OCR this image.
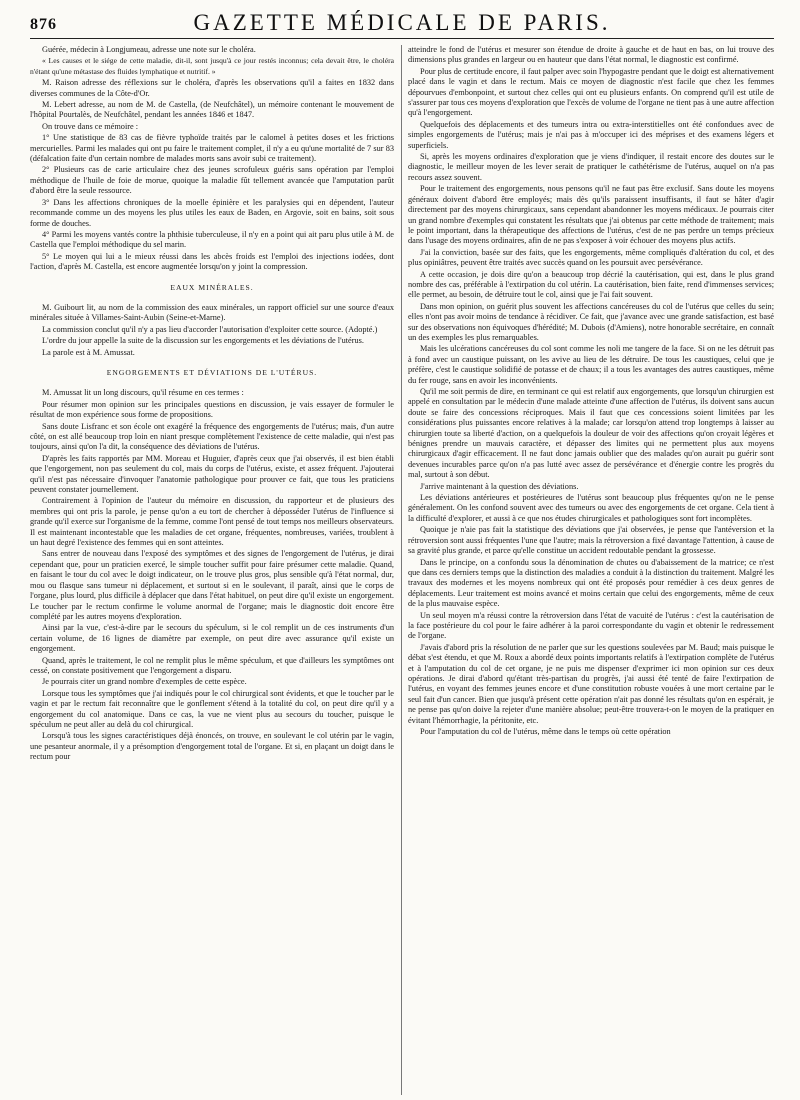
876	GAZETTE MÉDICALE DE PARIS.

Guérée, médecin à Longjumeau, adresse une note sur le choléra.

« Les causes et le siége de cette maladie, dit-il, sont jusqu'à ce jour restés inconnus; cela devait être, le choléra n'étant qu'une métastase des fluides lymphatique et nutritif. »

M. Raison adresse des réflexions sur le choléra, d'après les observations qu'il a faites en 1832 dans diverses communes de la Côte-d'Or.

M. Lebert adresse, au nom de M. de Castella, (de Neufchâtel), un mémoire contenant le mouvement de l'hôpital Pourtalès, de Neufchâtel, pendant les années 1846 et 1847.

On trouve dans ce mémoire :

1° Une statistique de 83 cas de fièvre typhoïde traités par le calomel à petites doses et les frictions mercurielles. Parmi les malades qui ont pu faire le traitement complet, il n'y a eu qu'une mortalité de 7 sur 83 (défalcation faite d'un certain nombre de malades morts sans avoir subi ce traitement).

2° Plusieurs cas de carie articulaire chez des jeunes scrofuleux guéris sans opération par l'emploi méthodique de l'huile de foie de morue, quoique la maladie fût tellement avancée que l'amputation parût d'abord être la seule ressource.

3° Dans les affections chroniques de la moelle épinière et les paralysies qui en dépendent, l'auteur recommande comme un des moyens les plus utiles les eaux de Baden, en Argovie, soit en bains, soit sous forme de douches.

4° Parmi les moyens vantés contre la phthisie tuberculeuse, il n'y en a point qui ait paru plus utile à M. de Castella que l'emploi méthodique du sel marin.

5° Le moyen qui lui a le mieux réussi dans les abcès froids est l'emploi des injections iodées, dont l'action, d'après M. Castella, est encore augmentée lorsqu'on y joint la compression.

EAUX MINÉRALES.

M. Guibourt lit, au nom de la commission des eaux minérales, un rapport officiel sur une source d'eaux minérales située à Villames-Saint-Aubin (Seine-et-Marne).

La commission conclut qu'il n'y a pas lieu d'accorder l'autorisation d'exploiter cette source. (Adopté.)

L'ordre du jour appelle la suite de la discussion sur les engorgements et les déviations de l'utérus.

La parole est à M. Amussat.

ENGORGEMENTS ET DÉVIATIONS DE L'UTÉRUS.

M. Amussat lit un long discours, qu'il résume en ces termes :

Pour résumer mon opinion sur les principales questions en discussion, je vais essayer de formuler le résultat de mon expérience sous forme de propositions.

Sans doute Lisfranc et son école ont exagéré la fréquence des engorgements de l'utérus; mais, d'un autre côté, on est allé beaucoup trop loin en niant presque complètement l'existence de cette maladie, qui n'est pas toujours, ainsi qu'on l'a dit, la conséquence des déviations de l'utérus.

D'après les faits rapportés par MM. Moreau et Huguier, d'après ceux que j'ai observés, il est bien établi que l'engorgement, non pas seulement du col, mais du corps de l'utérus, existe, et assez fréquent. J'ajouterai qu'il n'est pas nécessaire d'invoquer l'anatomie pathologique pour prouver ce fait, que tous les praticiens peuvent constater journellement.

Contrairement à l'opinion de l'auteur du mémoire en discussion, du rapporteur et de plusieurs des membres qui ont pris la parole, je pense qu'on a eu tort de chercher à déposséder l'utérus de l'influence si grande qu'il exerce sur l'organisme de la femme, comme l'ont pensé de tout temps nos meilleurs observateurs. Il est maintenant incontestable que les maladies de cet organe, fréquentes, nombreuses, variées, troublent à un haut degré l'existence des femmes qui en sont atteintes.

Sans entrer de nouveau dans l'exposé des symptômes et des signes de l'engorgement de l'utérus, je dirai cependant que, pour un praticien exercé, le simple toucher suffit pour faire présumer cette maladie. Quand, en faisant le tour du col avec le doigt indicateur, on le trouve plus gros, plus sensible qu'à l'état normal, dur, mou ou flasque sans tumeur ni déplacement, et surtout si en le soulevant, il paraît, ainsi que le corps de l'organe, plus lourd, plus difficile à déplacer que dans l'état habituel, on peut dire qu'il existe un engorgement. Le toucher par le rectum confirme le volume anormal de l'organe; mais le diagnostic doit encore être complété par les autres moyens d'exploration.

Ainsi par la vue, c'est-à-dire par le secours du spéculum, si le col remplit un de ces instruments d'un certain volume, de 16 lignes de diamètre par exemple, on peut dire avec assurance qu'il existe un engorgement.

Quand, après le traitement, le col ne remplit plus le même spéculum, et que d'ailleurs les symptômes ont cessé, on constate positivement que l'engorgement a disparu.

Je pourrais citer un grand nombre d'exemples de cette espèce.

Lorsque tous les symptômes que j'ai indiqués pour le col chirurgical sont évidents, et que le toucher par le vagin et par le rectum fait reconnaître que le gonflement s'étend à la totalité du col, on peut dire qu'il y a engorgement du col anatomique. Dans ce cas, la vue ne vient plus au secours du toucher, puisque le spéculum ne peut aller au delà du col chirurgical.

Lorsqu'à tous les signes caractéristiques déjà énoncés, on trouve, en soulevant le col utérin par le vagin, une pesanteur anormale, il y a présomption d'engorgement total de l'organe. Et si, en plaçant un doigt dans le rectum pour

atteindre le fond de l'utérus et mesurer son étendue de droite à gauche et de haut en bas, on lui trouve des dimensions plus grandes en largeur ou en hauteur que dans l'état normal, le diagnostic est confirmé.

Pour plus de certitude encore, il faut palper avec soin l'hypogastre pendant que le doigt est alternativement placé dans le vagin et dans le rectum. Mais ce moyen de diagnostic n'est facile que chez les femmes dépourvues d'embonpoint, et surtout chez celles qui ont eu plusieurs enfants. On comprend qu'il est utile de s'assurer par tous ces moyens d'exploration que l'excès de volume de l'organe ne tient pas à une autre affection qu'à l'engorgement.

Quelquefois des déplacements et des tumeurs intra ou extra-interstitielles ont été confondues avec de simples engorgements de l'utérus; mais je n'ai pas à m'occuper ici des méprises et des examens légers et superficiels.

Si, après les moyens ordinaires d'exploration que je viens d'indiquer, il restait encore des doutes sur le diagnostic, le meilleur moyen de les lever serait de pratiquer le cathétérisme de l'utérus, auquel on n'a pas recours assez souvent.

Pour le traitement des engorgements, nous pensons qu'il ne faut pas être exclusif. Sans doute les moyens généraux doivent d'abord être employés; mais dès qu'ils paraissent insuffisants, il faut se hâter d'agir directement par des moyens chirurgicaux, sans cependant abandonner les moyens médicaux. Je pourrais citer un grand nombre d'exemples qui constatent les résultats que j'ai obtenus par cette méthode de traitement; mais le point important, dans la thérapeutique des affections de l'utérus, c'est de ne pas perdre un temps précieux dans l'usage des moyens ordinaires, afin de ne pas s'exposer à voir échouer des moyens plus actifs.

J'ai la conviction, basée sur des faits, que les engorgements, même compliqués d'altération du col, et des plus opiniâtres, peuvent être traités avec succès quand on les poursuit avec persévérance.

A cette occasion, je dois dire qu'on a beaucoup trop décrié la cautérisation, qui est, dans le plus grand nombre des cas, préférable à l'extirpation du col utérin. La cautérisation, bien faite, rend d'immenses services; elle permet, au besoin, de détruire tout le col, ainsi que je l'ai fait souvent.

Dans mon opinion, on guérit plus souvent les affections cancéreuses du col de l'utérus que celles du sein; elles n'ont pas avoir moins de tendance à récidiver. Ce fait, que j'avance avec une grande satisfaction, est basé sur des observations non équivoques d'hérédité; M. Dubois (d'Amiens), notre honorable secrétaire, en connaît un des exemples les plus remarquables.

Mais les ulcérations cancéreuses du col sont comme les noli me tangere de la face. Si on ne les détruit pas à fond avec un caustique puissant, on les avive au lieu de les détruire. De tous les caustiques, celui que je préfère, c'est le caustique solidifié de potasse et de chaux; il a tous les avantages des autres caustiques, même du fer rouge, sans en avoir les inconvénients.

Qu'il me soit permis de dire, en terminant ce qui est relatif aux engorgements, que lorsqu'un chirurgien est appelé en consultation par le médecin d'une malade atteinte d'une affection de l'utérus, ils doivent sans aucun doute se faire des concessions réciproques. Mais il faut que ces concessions soient limitées par les considérations plus puissantes encore relatives à la malade; car lorsqu'on attend trop longtemps à laisser au chirurgien toute sa liberté d'action, on a quelquefois la douleur de voir des affections qu'on croyait légères et bénignes prendre un mauvais caractère, et dépasser des limites qui ne permettent plus aux moyens chirurgicaux d'agir efficacement. Il ne faut donc jamais oublier que des malades qu'on aurait pu guérir sont devenues incurables parce qu'on n'a pas lutté avec assez de persévérance et d'énergie contre les progrès du mal, surtout à son début.

J'arrive maintenant à la question des déviations.

Les déviations antérieures et postérieures de l'utérus sont beaucoup plus fréquentes qu'on ne le pense généralement. On les confond souvent avec des tumeurs ou avec des engorgements de cet organe. Cela tient à la difficulté d'explorer, et aussi à ce que nos études chirurgicales et pathologiques sont fort incomplètes.

Quoique je n'aie pas fait la statistique des déviations que j'ai observées, je pense que l'antéversion et la rétroversion sont aussi fréquentes l'une que l'autre; mais la rétroversion a fixé davantage l'attention, à cause de sa gravité plus grande, et parce qu'elle constitue un accident redoutable pendant la grossesse.

Dans le principe, on a confondu sous la dénomination de chutes ou d'abaissement de la matrice; ce n'est que dans ces derniers temps que la distinction des maladies a conduit à la distinction du traitement. Malgré les travaux des modernes et les moyens nombreux qui ont été proposés pour remédier à ces deux genres de déplacements. Leur traitement est moins avancé et moins certain que celui des engorgements, même de ceux de la plus mauvaise espèce.

Un seul moyen m'a réussi contre la rétroversion dans l'état de vacuité de l'utérus : c'est la cautérisation de la face postérieure du col pour le faire adhérer à la paroi correspondante du vagin et obtenir le redressement de l'organe.

J'avais d'abord pris la résolution de ne parler que sur les questions soulevées par M. Baud; mais puisque le débat s'est étendu, et que M. Roux a abordé deux points importants relatifs à l'extirpation complète de l'utérus et à l'amputation du col de cet organe, je ne puis me dispenser d'exprimer ici mon opinion sur ces deux opérations. Je dirai d'abord qu'étant très-partisan du progrès, j'ai aussi été tenté de faire l'extirpation de l'utérus, en voyant des femmes jeunes encore et d'une constitution robuste vouées à une mort certaine par le seul fait d'un cancer. Bien que jusqu'à présent cette opération n'ait pas donné les résultats qu'on en espérait, je ne pense pas qu'on doive la rejeter d'une manière absolue; peut-être trouvera-t-on le moyen de la pratiquer en évitant l'hémorrhagie, la péritonite, etc.

Pour l'amputation du col de l'utérus, même dans le temps où cette opération
